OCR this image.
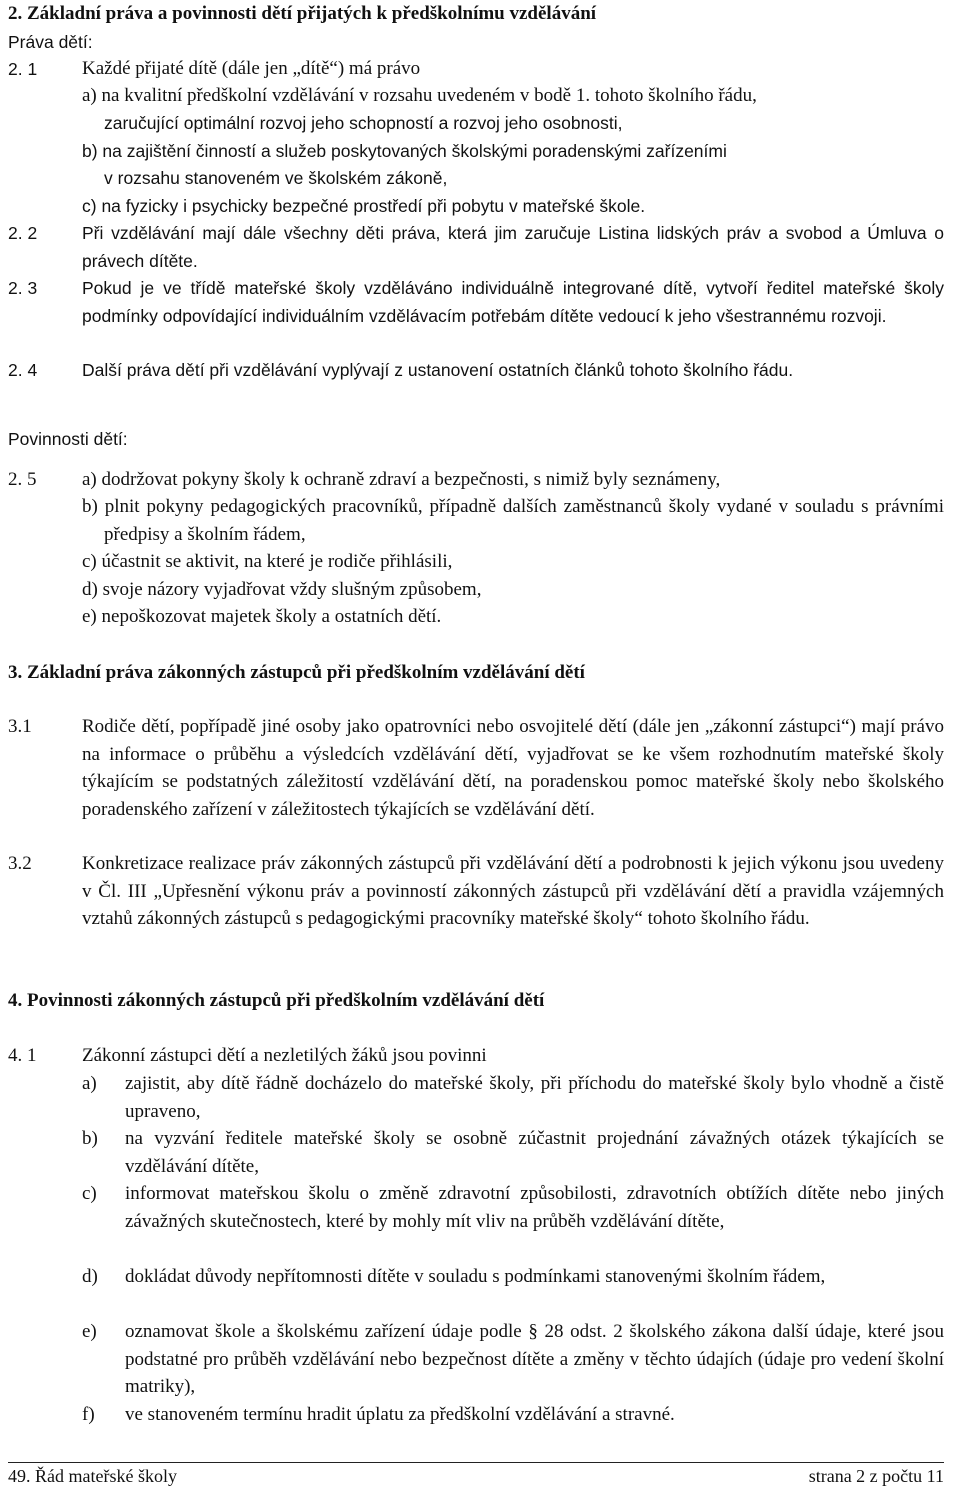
2. Základní práva a povinnosti dětí přijatých k předškolnímu vzdělávání
Práva dětí:
2. 1 Každé přijaté dítě (dále jen „dítě“) má právo
a) na kvalitní předškolní vzdělávání v rozsahu uvedeném v bodě 1. tohoto školního řádu,
zaručující optimální rozvoj jeho schopností a rozvoj jeho osobnosti,
b) na zajištění činností a služeb poskytovaných školskými poradenskými zařízeními
v rozsahu stanoveném ve školském zákoně,
c) na fyzicky i psychicky bezpečné prostředí při pobytu v mateřské škole.
2. 2	Při vzdělávání mají dále všechny děti práva, která jim zaručuje Listina lidských práv a svobod a Úmluva o právech dítěte.
2. 3	Pokud je ve třídě mateřské školy vzděláváno individuálně integrované dítě, vytvoří ředitel mateřské školy podmínky odpovídající individuálním vzdělávacím potřebám dítěte vedoucí k jeho všestrannému rozvoji.
2. 4	Další práva dětí při vzdělávání vyplývají z ustanovení ostatních článků tohoto školního řádu.
Povinnosti dětí:
2. 5 a) dodržovat pokyny školy k ochraně zdraví a bezpečnosti, s nimiž byly seznámeny,
b) plnit pokyny pedagogických pracovníků, případně dalších zaměstnanců školy vydané v souladu s právními předpisy a školním řádem,
c) účastnit se aktivit, na které je rodiče přihlásili,
d) svoje názory vyjadřovat vždy slušným způsobem,
e) nepoškozovat majetek školy a ostatních dětí.
3. Základní práva zákonných zástupců při předškolním vzdělávání dětí
3.1	Rodiče dětí, popřípadě jiné osoby jako opatrovníci nebo osvojitelé dětí (dále jen „zákonní zástupci“) mají právo na informace o průběhu a výsledcích vzdělávání dětí, vyjadřovat se ke všem rozhodnutím mateřské školy týkajícím se podstatných záležitostí vzdělávání dětí, na poradenskou pomoc mateřské školy nebo školského poradenského zařízení v záležitostech týkajících se vzdělávání dětí.
3.2	Konkretizace realizace práv zákonných zástupců při vzdělávání dětí a podrobnosti k jejich výkonu jsou uvedeny v Čl. III „Upřesnění výkonu práv a povinností zákonných zástupců při vzdělávání dětí a pravidla vzájemných vztahů zákonných zástupců s pedagogickými pracovníky mateřské školy“ tohoto školního řádu.
4. Povinnosti zákonných zástupců při předškolním vzdělávání dětí
4. 1 Zákonní zástupci dětí a nezletilých žáků jsou povinni
a) zajistit, aby dítě řádně docházelo do mateřské školy, při příchodu do mateřské školy bylo vhodně a čistě upraveno,
b) na vyzvání ředitele mateřské školy se osobně zúčastnit projednání závažných otázek týkajících se vzdělávání dítěte,
c) informovat mateřskou školu o změně zdravotní způsobilosti, zdravotních obtížích dítěte nebo jiných závažných skutečnostech, které by mohly mít vliv na průběh vzdělávání dítěte,
d) dokládat důvody nepřítomnosti dítěte v souladu s podmínkami stanovenými školním řádem,
e) oznamovat škole a školskému zařízení údaje podle § 28 odst. 2 školského zákona další údaje, které jsou podstatné pro průběh vzdělávání nebo bezpečnost dítěte a změny v těchto údajích (údaje pro vedení školní matriky),
f) ve stanoveném termínu hradit úplatu za předškolní vzdělávání a stravné.
49. Řád mateřské školy	strana 2 z počtu 11
